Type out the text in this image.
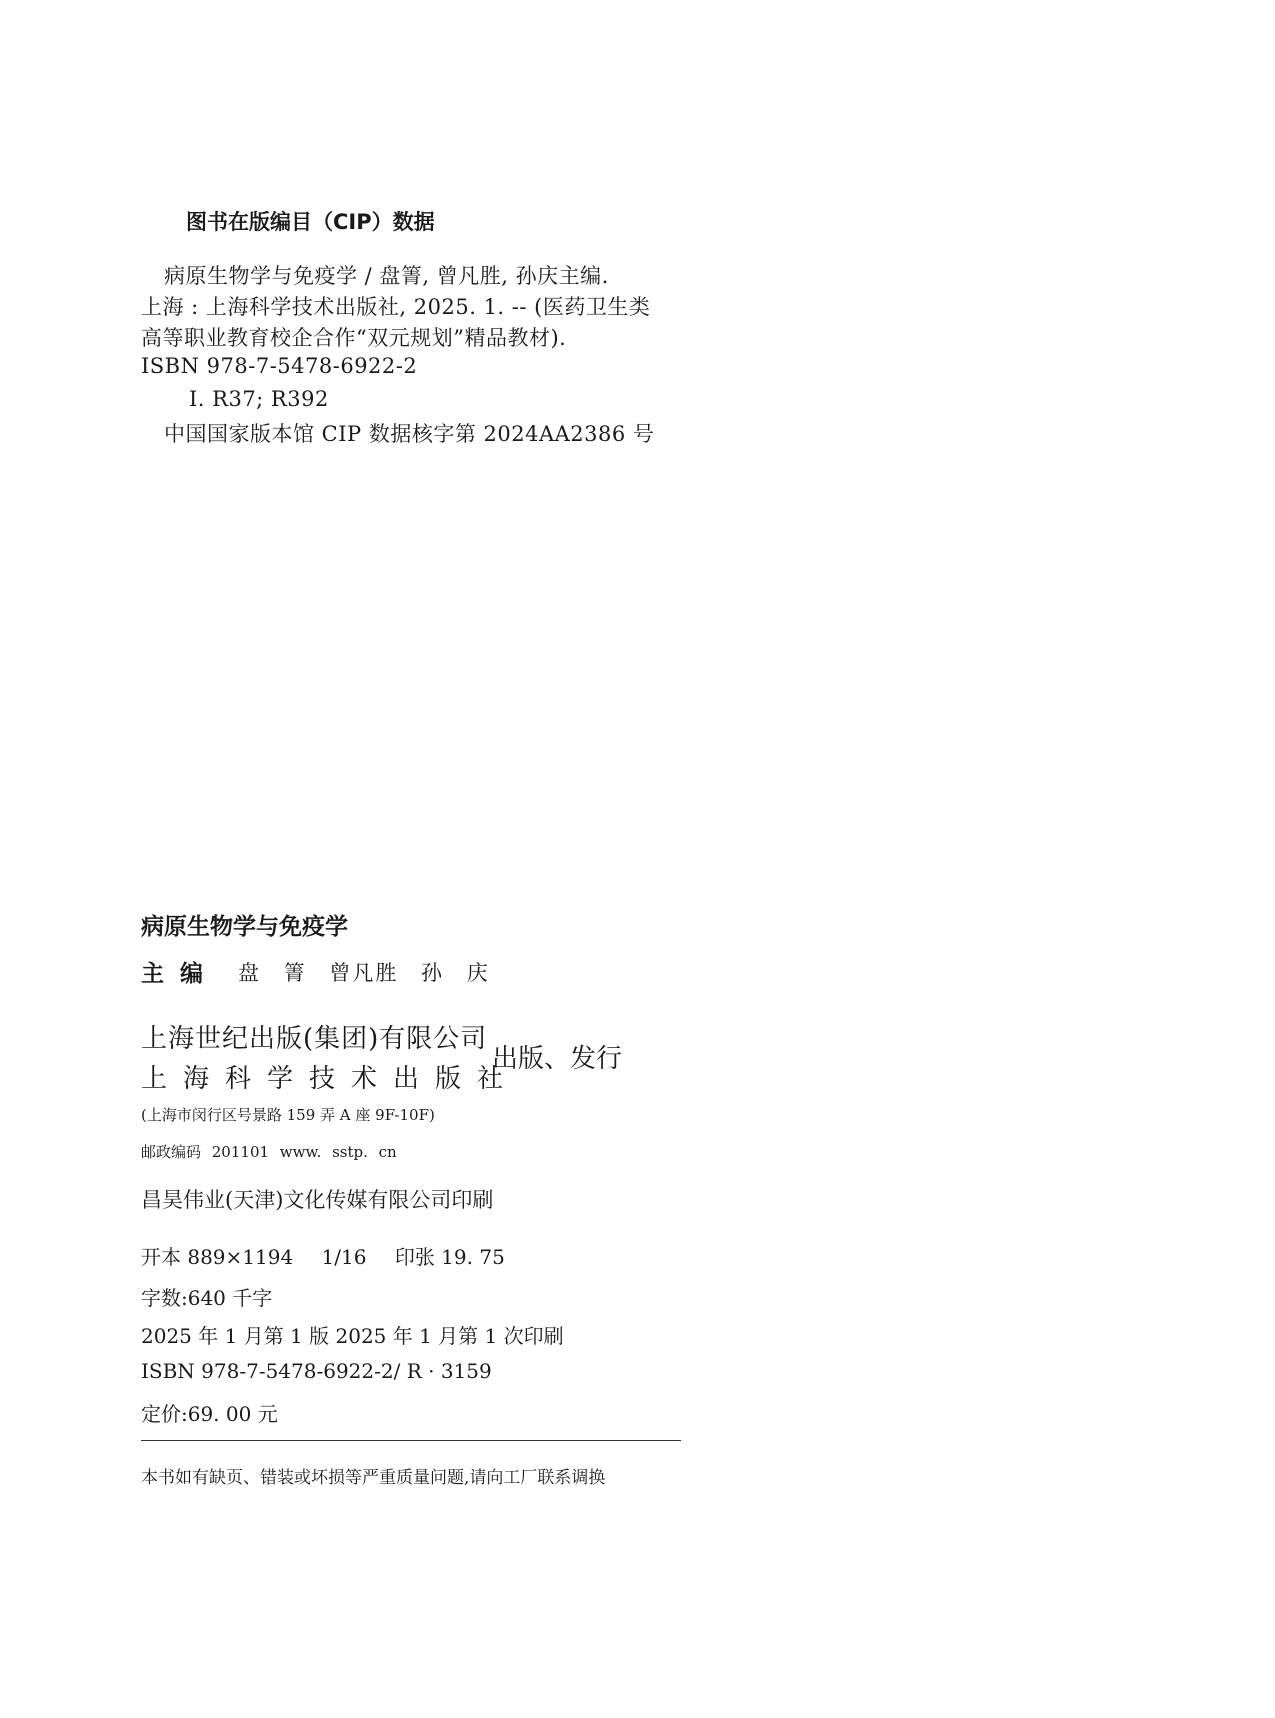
图书在版编目（CIP）数据
病原生物学与免疫学 / 盘箐, 曾凡胜, 孙庆主编.
上海 : 上海科学技术出版社, 2025. 1. -- (医药卫生类
高等职业教育校企合作“双元规划”精品教材).
ISBN 978-7-5478-6922-2
Ⅰ. R37; R392
中国国家版本馆 CIP 数据核字第 2024AA2386 号
病原生物学与免疫学
主编 盘 箐 曾凡胜 孙 庆
上海世纪出版(集团)有限公司
上海科学技术出版社
出版、发行
(上海市闵行区号景路 159 弄 A 座 9F-10F)
邮政编码 201101 www. sstp. cn
昌昊伟业(天津)文化传媒有限公司印刷
开本 889×1194 1/16 印张 19. 75
字数:640 千字
2025 年 1 月第 1 版 2025 年 1 月第 1 次印刷
ISBN 978-7-5478-6922-2/ R · 3159
定价:69. 00 元
本书如有缺页、错装或坏损等严重质量问题,请向工厂联系调换
